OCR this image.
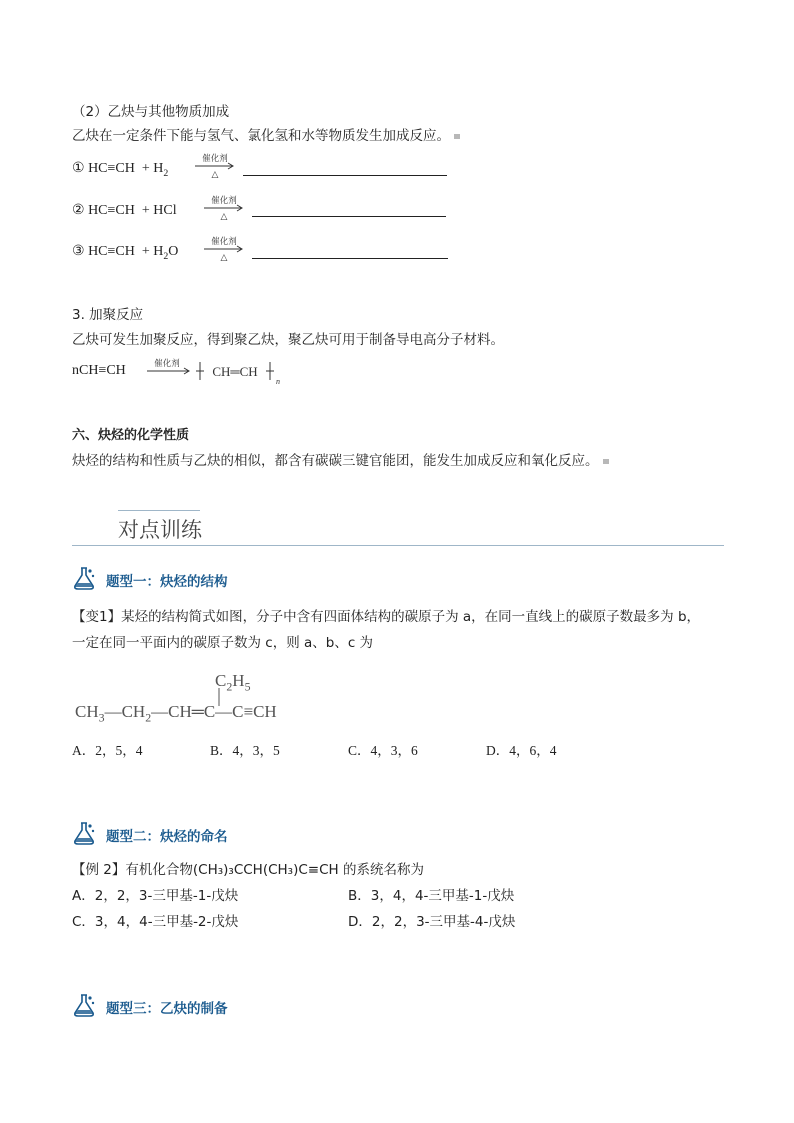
（2）乙炔与其他物质加成
乙炔在一定条件下能与氢气、氯化氢和水等物质发生加成反应。
① $HC\equiv CH + H_2$
催化剂
△
② HC≡CH + HCl
催化剂
△
③ $HC\equiv CH + H_2O$
催化剂
△
3. 加聚反应
乙炔可发生加聚反应，得到聚乙炔，聚乙炔可用于制备导电高分子材料。
nCH≡CH	催化剂	CH═CH
n
六、炔烃的化学性质
炔烃的结构和性质与乙炔的相似，都含有碳碳三键官能团，能发生加成反应和氧化反应。
对点训练
题型一：炔烃的结构
【变1】某烃的结构简式如图，分子中含有四面体结构的碳原子为 a，在同一直线上的碳原子数最多为 b，
一定在同一平面内的碳原子数为 c，则 a、b、c 为
$C_2H_5$
$CH_3—CH_2—CH═C—C\equiv CH$
A．2，5，4	B．4，3，5	C．4，3，6	D．4，6，4
题型二：炔烃的命名
【例 2】有机化合物(CH₃)₃CCH(CH₃)C≡CH 的系统名称为
A．2，2，3-三甲基-1-戊炔	B．3，4，4-三甲基-1-戊炔
C．3，4，4-三甲基-2-戊炔	D．2，2，3-三甲基-4-戊炔
题型三：乙炔的制备
